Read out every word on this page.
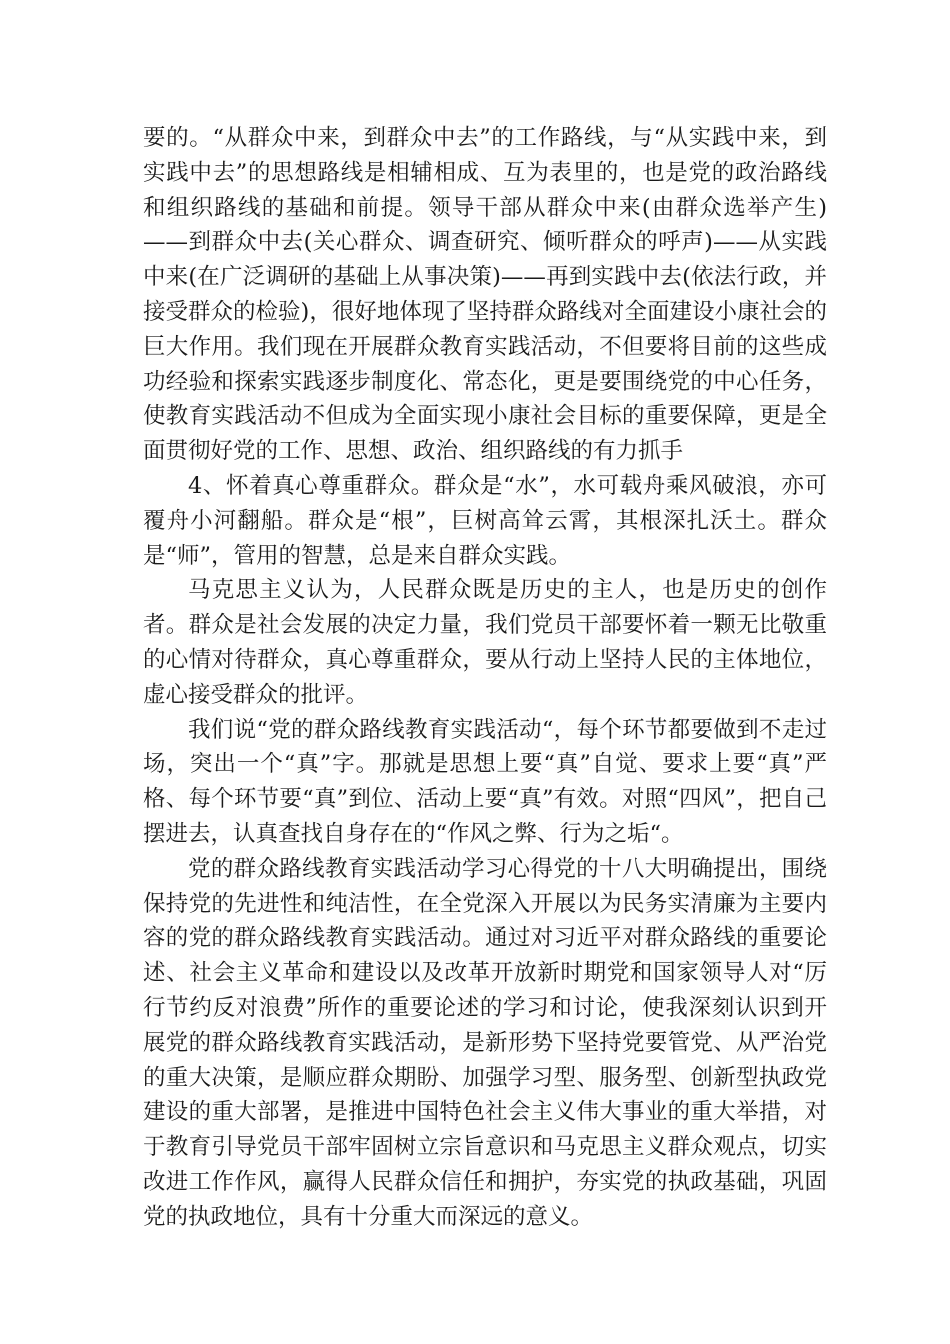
要的。“从群众中来，到群众中去”的工作路线，与“从实践中来，到实践中去”的思想路线是相辅相成、互为表里的，也是党的政治路线和组织路线的基础和前提。领导干部从群众中来(由群众选举产生)——到群众中去(关心群众、调查研究、倾听群众的呼声)——从实践中来(在广泛调研的基础上从事决策)——再到实践中去(依法行政，并接受群众的检验)，很好地体现了坚持群众路线对全面建设小康社会的巨大作用。我们现在开展群众教育实践活动，不但要将目前的这些成功经验和探索实践逐步制度化、常态化，更是要围绕党的中心任务，使教育实践活动不但成为全面实现小康社会目标的重要保障，更是全面贯彻好党的工作、思想、政治、组织路线的有力抓手

4、怀着真心尊重群众。群众是“水”，水可载舟乘风破浪，亦可覆舟小河翻船。群众是“根”，巨树高耸云霄，其根深扎沃土。群众是“师”，管用的智慧，总是来自群众实践。

马克思主义认为，人民群众既是历史的主人，也是历史的创作者。群众是社会发展的决定力量，我们党员干部要怀着一颗无比敬重的心情对待群众，真心尊重群众，要从行动上坚持人民的主体地位，虚心接受群众的批评。

我们说“党的群众路线教育实践活动“，每个环节都要做到不走过场，突出一个“真”字。那就是思想上要“真”自觉、要求上要“真”严格、每个环节要“真”到位、活动上要“真”有效。对照“四风”，把自己摆进去，认真查找自身存在的“作风之弊、行为之垢“。

党的群众路线教育实践活动学习心得党的十八大明确提出，围绕保持党的先进性和纯洁性，在全党深入开展以为民务实清廉为主要内容的党的群众路线教育实践活动。通过对习近平对群众路线的重要论述、社会主义革命和建设以及改革开放新时期党和国家领导人对“厉行节约反对浪费”所作的重要论述的学习和讨论，使我深刻认识到开展党的群众路线教育实践活动，是新形势下坚持党要管党、从严治党的重大决策，是顺应群众期盼、加强学习型、服务型、创新型执政党建设的重大部署，是推进中国特色社会主义伟大事业的重大举措，对于教育引导党员干部牢固树立宗旨意识和马克思主义群众观点，切实改进工作作风，赢得人民群众信任和拥护，夯实党的执政基础，巩固党的执政地位，具有十分重大而深远的意义。
